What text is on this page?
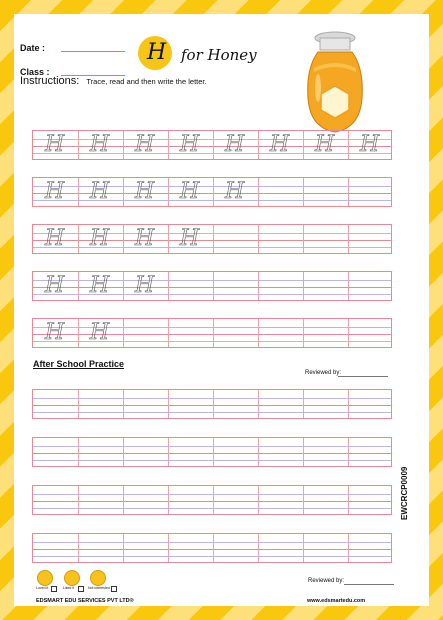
Date :
Class :
H for Honey
Instructions: Trace, read and then write the letter.
H H H H H H H H
H H H H H
H H H H
H H H
H H
After School Practice
Reviewed by:
EWCRCP0009
Loved it	Liked it	Not interested
Reviewed by:
EDSMART EDU SERVICES PVT LTD®	www.edsmartedu.com
